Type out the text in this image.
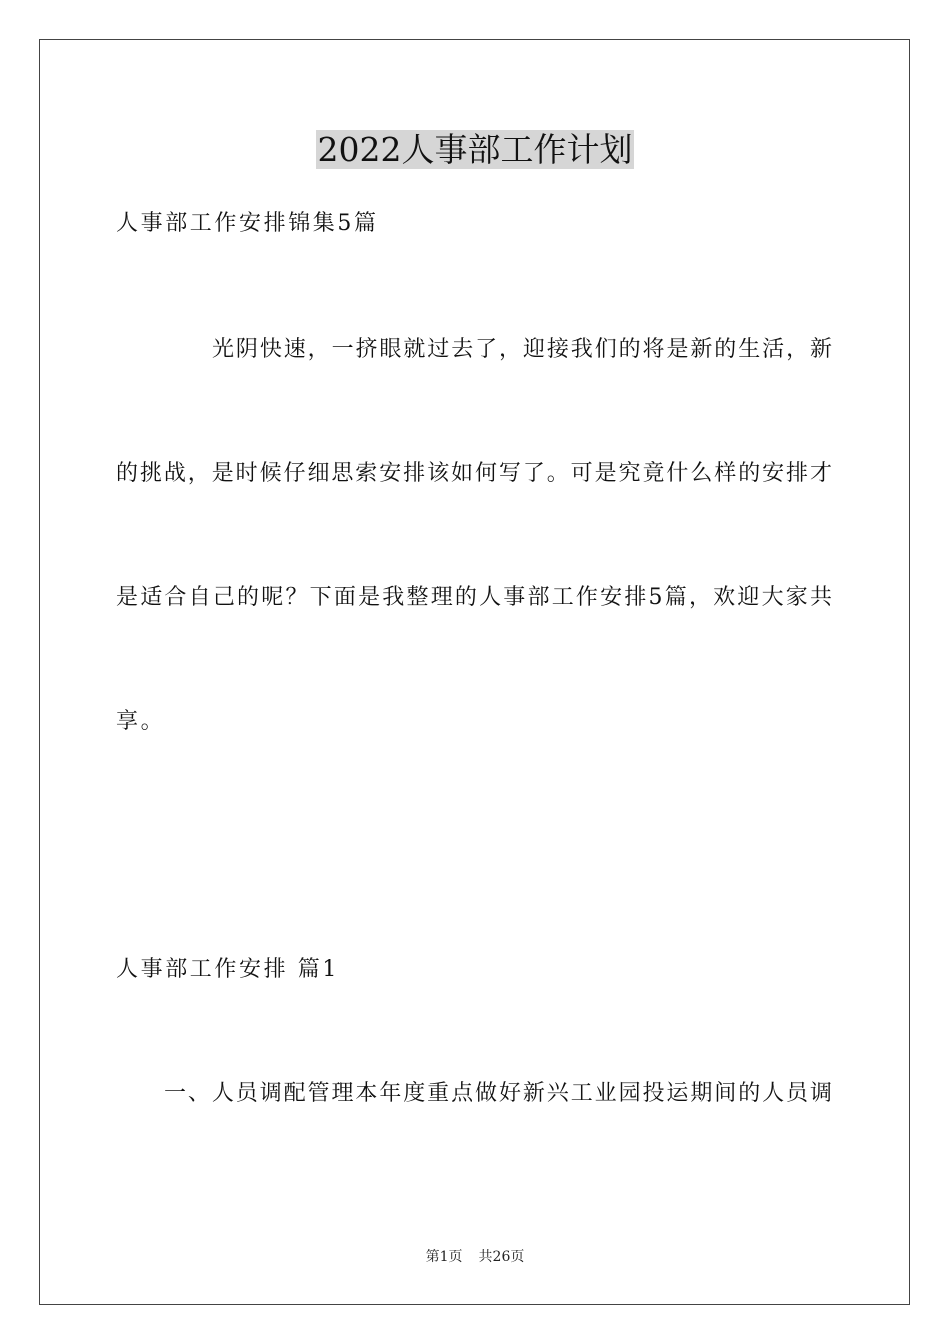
2022人事部工作计划
人事部工作安排锦集5篇
光阴快速，一挤眼就过去了，迎接我们的将是新的生活，新
的挑战，是时候仔细思索安排该如何写了。可是究竟什么样的安排才
是适合自己的呢？下面是我整理的人事部工作安排5篇，欢迎大家共
享。
人事部工作安排 篇1
一、人员调配管理本年度重点做好新兴工业园投运期间的人员调
第1页 共26页
